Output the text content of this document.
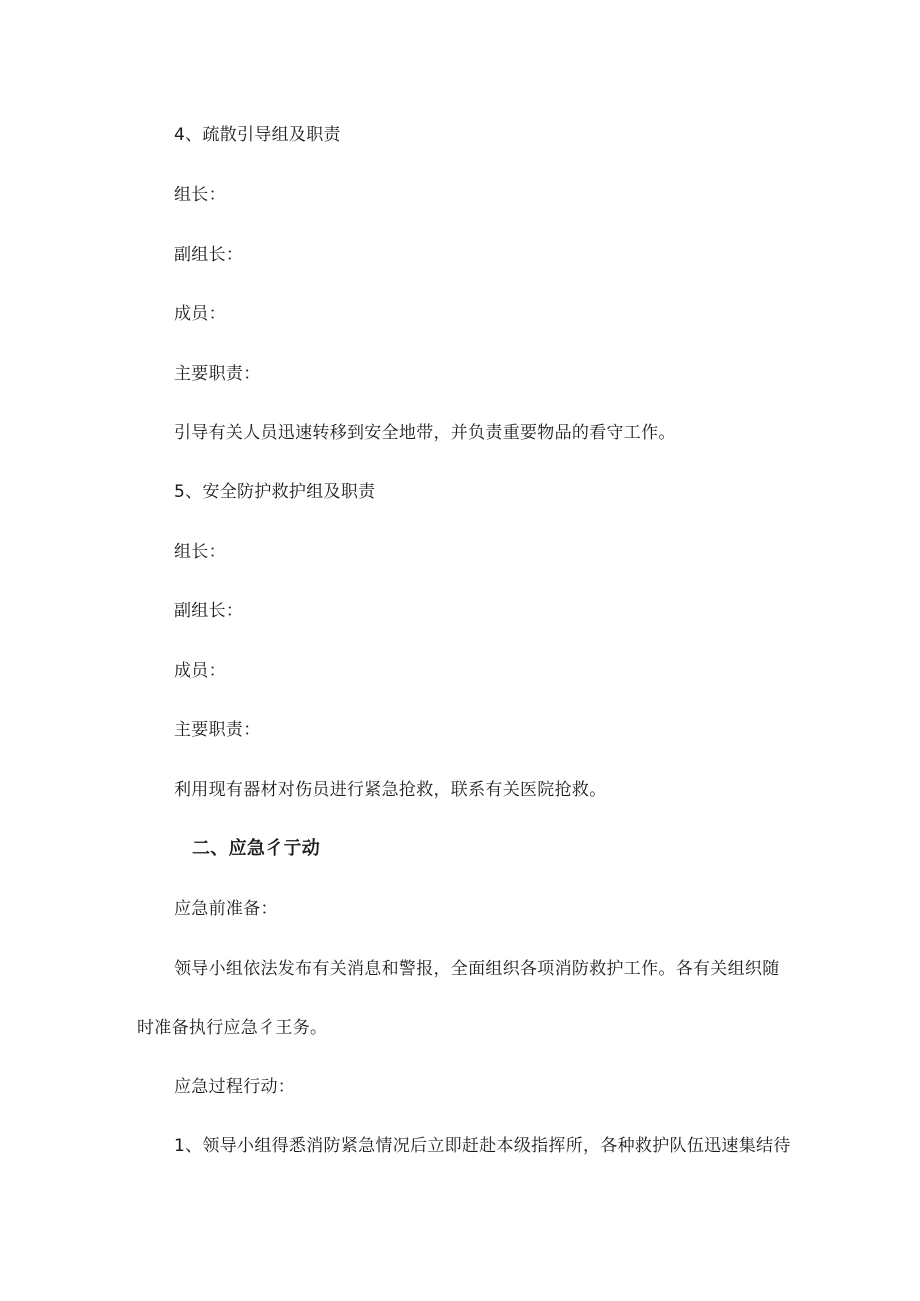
4、疏散引导组及职责
组长：
副组长：
成员：
主要职责：
引导有关人员迅速转移到安全地带，并负责重要物品的看守工作。
5、安全防护救护组及职责
组长：
副组长：
成员：
主要职责：
利用现有器材对伤员进行紧急抢救，联系有关医院抢救。
二、应急彳亍动
应急前准备：
领导小组依法发布有关消息和警报，全面组织各项消防救护工作。各有关组织随
时准备执行应急彳王务。
应急过程行动：
1、领导小组得悉消防紧急情况后立即赶赴本级指挥所，各种救护队伍迅速集结待
